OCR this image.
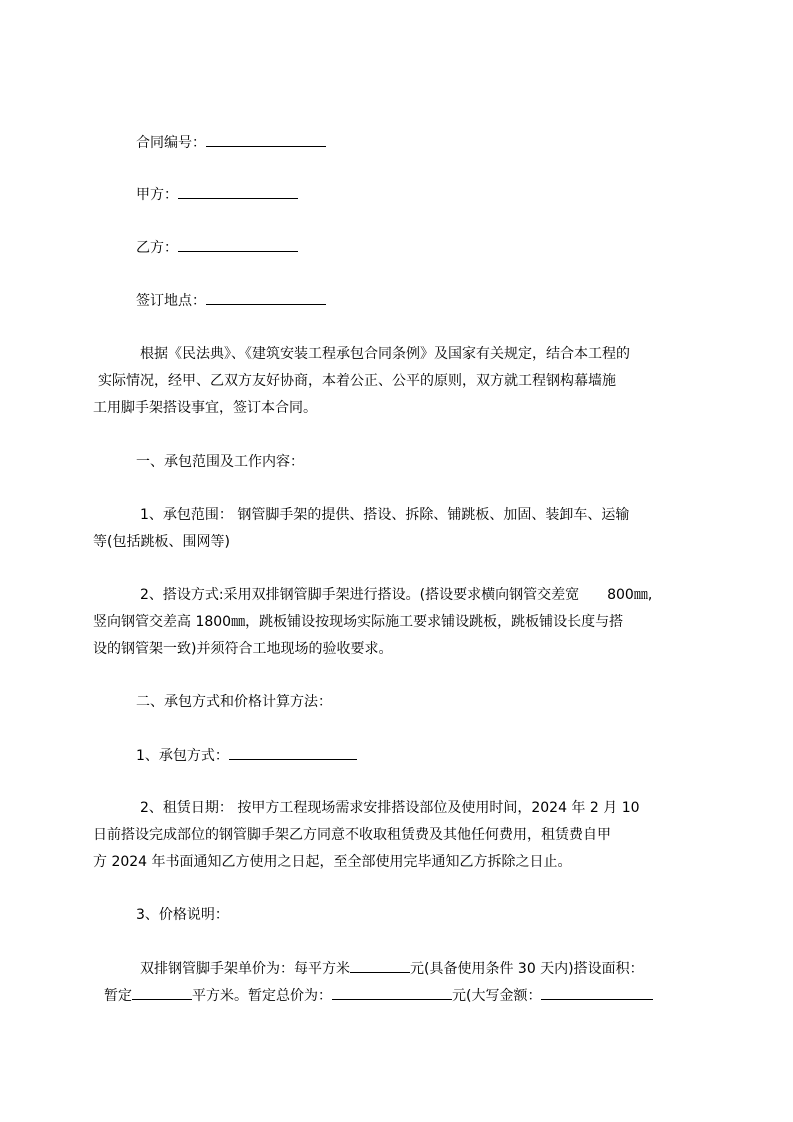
合同编号：
甲方：
乙方：
签订地点：
根据《民法典》、《建筑安装工程承包合同条例》及国家有关规定，结合本工程的
实际情况，经甲、乙双方友好协商，本着公正、公平的原则，双方就工程钢构幕墙施
工用脚手架搭设事宜，签订本合同。
一、承包范围及工作内容：
1、承包范围： 钢管脚手架的提供、搭设、拆除、铺跳板、加固、装卸车、运输
等(包括跳板、围网等)
2、搭设方式:采用双排钢管脚手架进行搭设。(搭设要求横向钢管交差宽 800㎜,
竖向钢管交差高 1800㎜，跳板铺设按现场实际施工要求铺设跳板，跳板铺设长度与搭
设的钢管架一致)并须符合工地现场的验收要求。
二、承包方式和价格计算方法：
1、承包方式：
2、租赁日期： 按甲方工程现场需求安排搭设部位及使用时间，2024 年 2 月 10
日前搭设完成部位的钢管脚手架乙方同意不收取租赁费及其他任何费用，租赁费自甲
方 2024 年书面通知乙方使用之日起，至全部使用完毕通知乙方拆除之日止。
3、价格说明：
双排钢管脚手架单价为：每平方米	元(具备使用条件 30 天内)搭设面积：
暂定	平方米。暂定总价为：	元(大写金额：
